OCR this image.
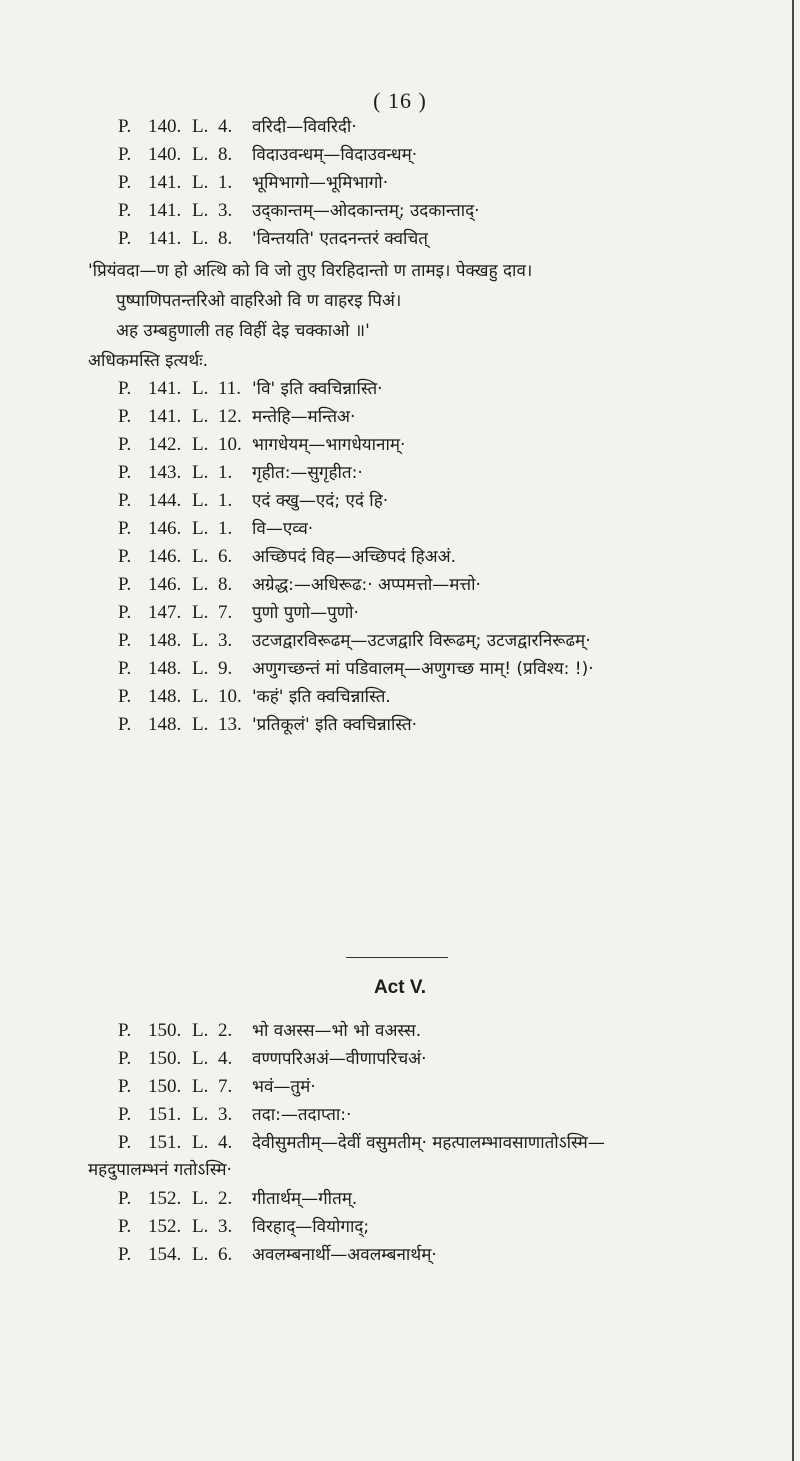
( 16 )
P. 140. L. 4. वरिदी—विवरिदी·
P. 140. L. 8. विदाउवन्धम्—विदाउवन्धम्·
P. 141. L. 1. भूमिभागो—भूमिभागो·
P. 141. L. 3. उद्कान्तम्—ओदकान्तम्; उदकान्ताद्·
P. 141. L. 8. 'विन्तयति' एतदनन्तरं क्वचित्
'प्रियंवदा—ण हो अत्थि को वि जो तुए विरहिदान्तो ण तामइ। पेक्खहु दाव।
पुष्पाणिपतन्तरिओ वाहरिओ वि ण वाहरइ पिअं।
अह उम्बहुणाली तह विहीं देइ चक्काओ ॥'
अधिकमस्ति इत्यर्थः.
P. 141. L. 11. 'वि' इति क्वचिन्नास्ति·
P. 141. L. 12. मन्तेहि—मन्तिअ·
P. 142. L. 10. भागधेयम्—भागधेयानाम्·
P. 143. L. 1. गृहीत:—सुगृहीत:·
P. 144. L. 1. एदं क्खु—एदं; एदं हि·
P. 146. L. 1. वि—एव्व·
P. 146. L. 6. अच्छिपदं विह—अच्छिपदं हिअअं.
P. 146. L. 8. अग्रेद्ध:—अधिरूढ:· अप्पमत्तो—मत्तो·
P. 147. L. 7. पुणो पुणो—पुणो·
P. 148. L. 3. उटजद्वारविरूढम्—उटजद्वारि विरूढम्; उटजद्वारनिरूढम्·
P. 148. L. 9. अणुगच्छन्तं मां पडिवालम्—अणुगच्छ माम्! (प्रविश्य: !)·
P. 148. L. 10. 'कहं' इति क्वचिन्नास्ति.
P. 148. L. 13. 'प्रतिकूलं' इति क्वचिन्नास्ति·
Act V.
P. 150. L. 2. भो वअस्स—भो भो वअस्स.
P. 150. L. 4. वण्णपरिअअं—वीणापरिचअं·
P. 150. L. 7. भवं—तुमं·
P. 151. L. 3. तदा:—तदाप्ता:·
P. 151. L. 4. देवीसुमतीम्—देवीं वसुमतीम्· महत्पालम्भावसाणातोऽस्मि—
महदुपालम्भनं गतोऽस्मि·
P. 152. L. 2. गीतार्थम्—गीतम्.
P. 152. L. 3. विरहाद्—वियोगाद्;
P. 154. L. 6. अवलम्बनार्थी—अवलम्बनार्थम्·
